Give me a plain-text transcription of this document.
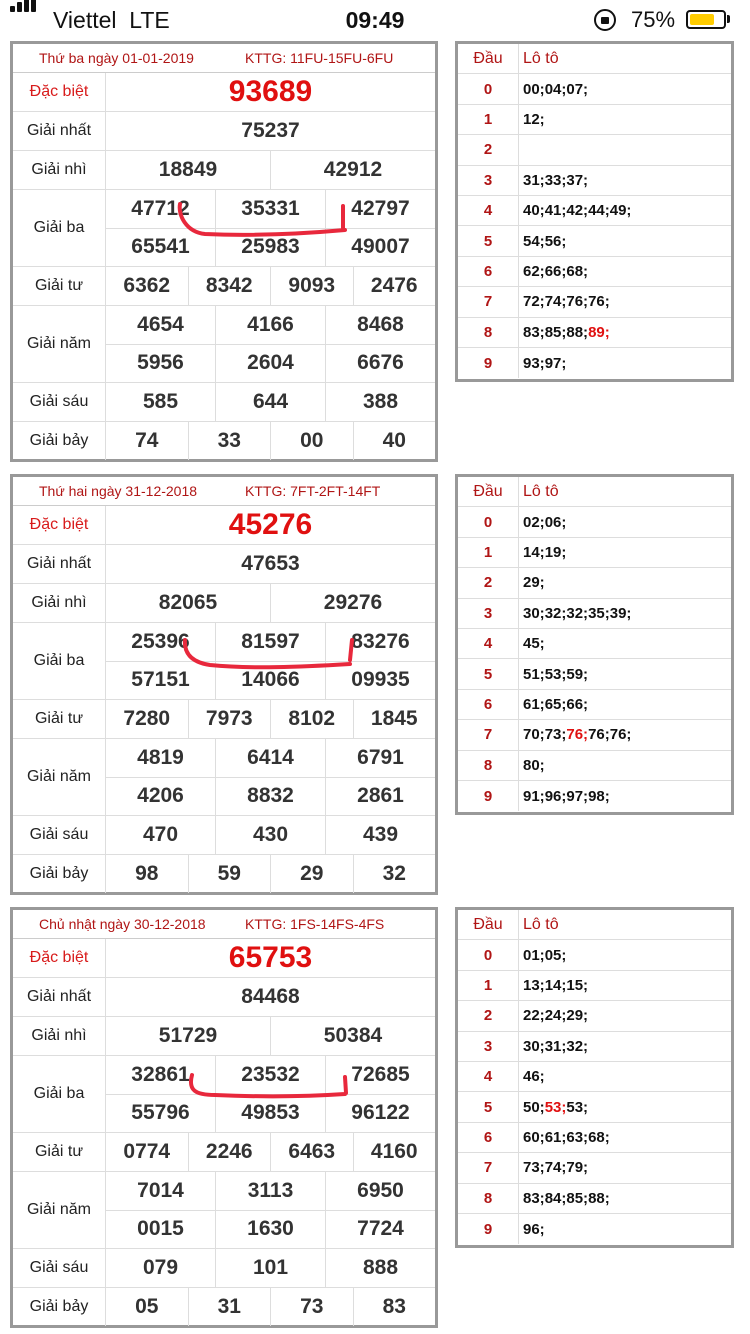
Viettel LTE	09:49	75%
Thứ ba ngày 01-01-2019	KTTG: 11FU-15FU-6FU
Đặc biệt	93689
Giải nhất	75237
Giải nhì	18849	42912
Giải ba
47712	35331	42797
65541	25983	49007
Giải tư	6362	8342	9093	2476
Giải năm
4654	4166	8468
5956	2604	6676
Giải sáu	585	644	388
Giải bảy	74	33	00	40
Đầu	Lô tô
0	00; 04; 07;
1	12;
2
3	31; 33; 37;
4	40; 41; 42; 44; 49;
5	54; 56;
6	62; 66; 68;
7	72; 74; 76; 76;
8	83; 85; 88; 89;
9	93; 97;
Thứ hai ngày 31-12-2018	KTTG: 7FT-2FT-14FT
Đặc biệt	45276
Giải nhất	47653
Giải nhì	82065	29276
Giải ba
25396	81597	83276
57151	14066	09935
Giải tư	7280	7973	8102	1845
Giải năm
4819	6414	6791
4206	8832	2861
Giải sáu	470	430	439
Giải bảy	98	59	29	32
Đầu	Lô tô
0	02; 06;
1	14; 19;
2	29;
3	30; 32; 32; 35; 39;
4	45;
5	51; 53; 59;
6	61; 65; 66;
7	70; 73; 76; 76; 76;
8	80;
9	91; 96; 97; 98;
Chủ nhật ngày 30-12-2018	KTTG: 1FS-14FS-4FS
Đặc biệt	65753
Giải nhất	84468
Giải nhì	51729	50384
Giải ba
32861	23532	72685
55796	49853	96122
Giải tư	0774	2246	6463	4160
Giải năm
7014	3113	6950
0015	1630	7724
Giải sáu	079	101	888
Giải bảy	05	31	73	83
Đầu	Lô tô
0	01; 05;
1	13; 14; 15;
2	22; 24; 29;
3	30; 31; 32;
4	46;
5	50; 53; 53;
6	60; 61; 63; 68;
7	73; 74; 79;
8	83; 84; 85; 88;
9	96;
